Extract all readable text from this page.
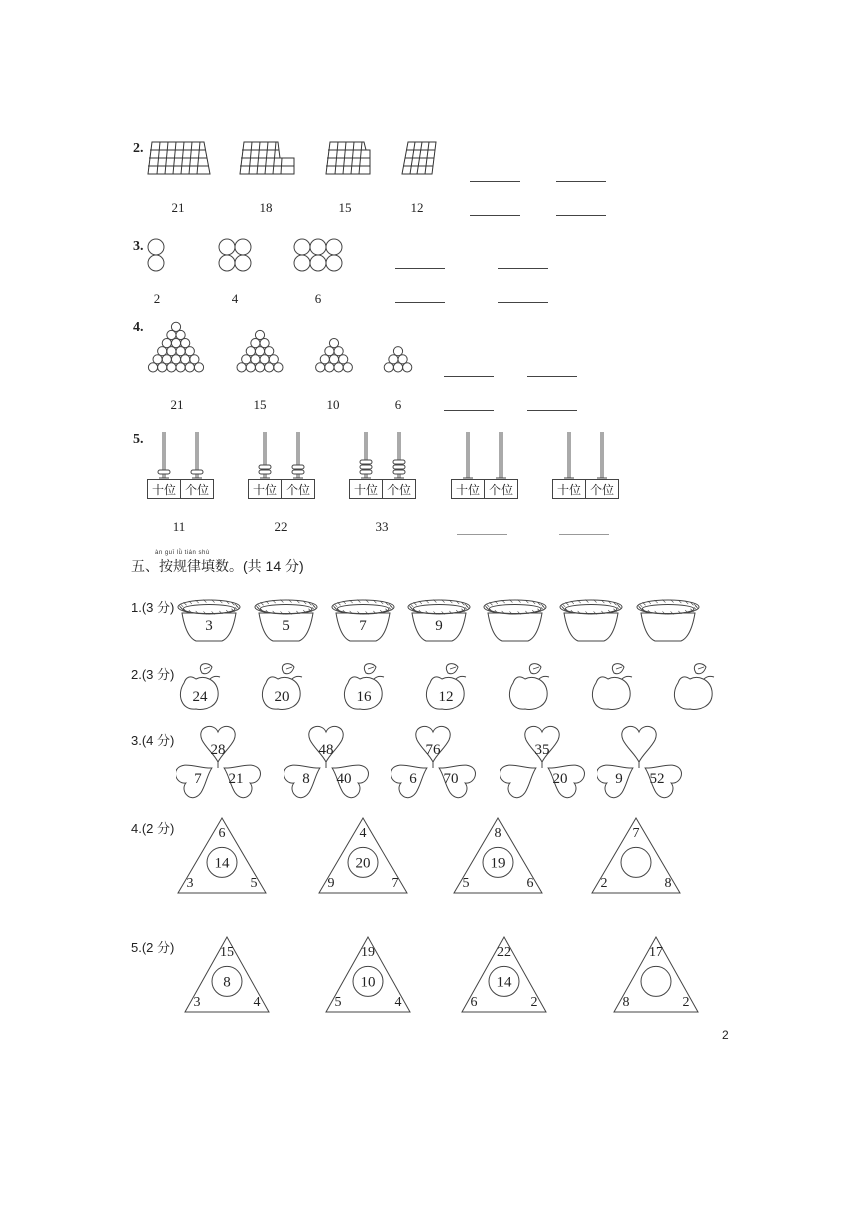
2.
21	18	15	12
3.
2	4	6
4.
21	15	10	6
5.
11	22	33
àn guī lǜ tián shù
五、按规律填数。(共 14 分)
1.(3 分)
2.(3 分)
3.(4 分)
4.(2 分)
5.(2 分)
2
十位 个位	十位 个位	十位 个位	十位 个位	十位 个位
3	5	7	9
24	20	16	12
28
7 21
48
8 40
76
6 70
35
20	9 52
6
14
3	5
4
20
9	7
8
19
5	6
7
2	8
15
8
3	4
19
10
5	4
22
14
6	2
17
8	2
